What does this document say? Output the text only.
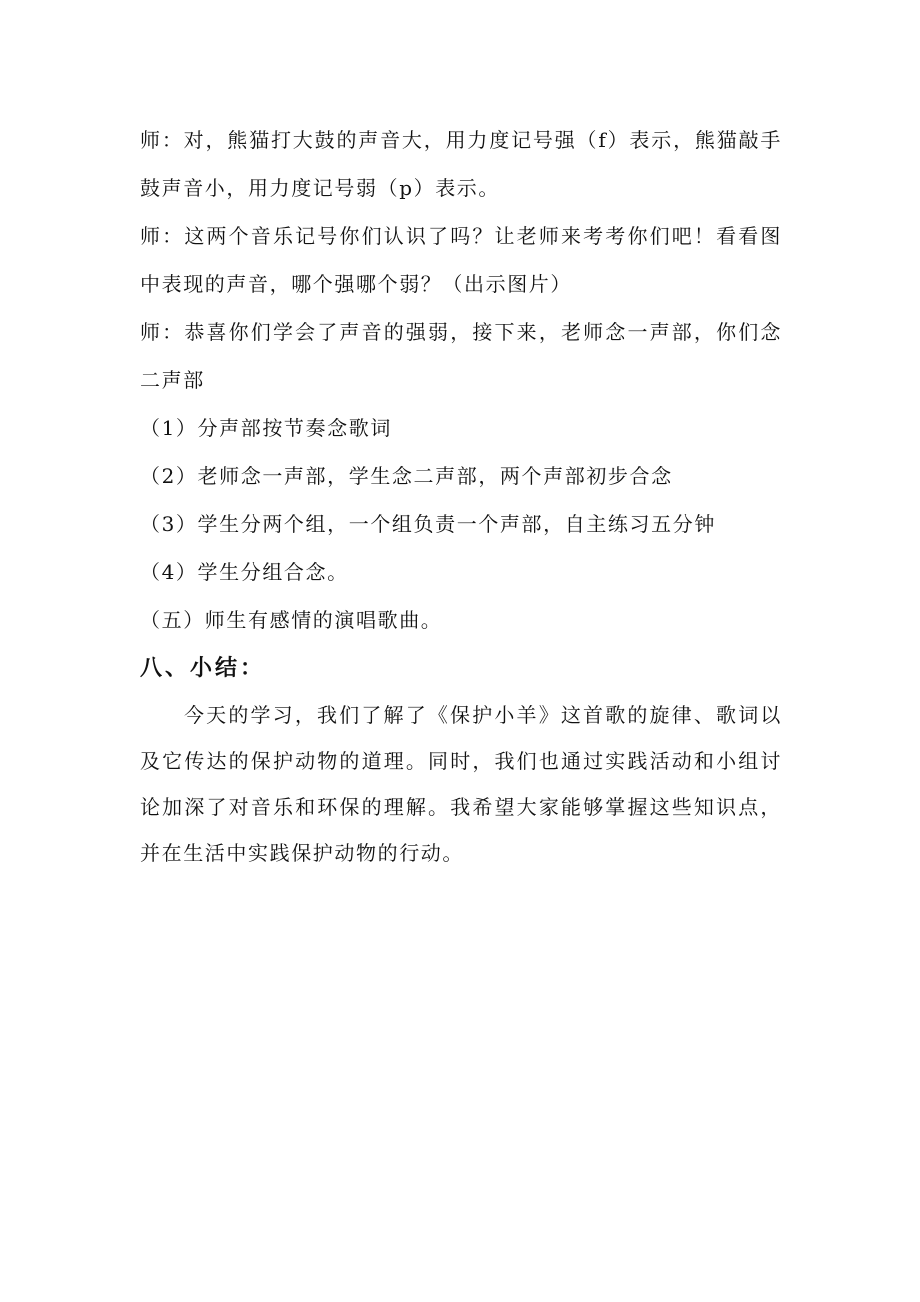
师：对，熊猫打大鼓的声音大，用力度记号强（f）表示，熊猫敲手鼓声音小，用力度记号弱（p）表示。

师：这两个音乐记号你们认识了吗？让老师来考考你们吧！看看图中表现的声音，哪个强哪个弱？（出示图片）

师：恭喜你们学会了声音的强弱，接下来，老师念一声部，你们念二声部

（1）分声部按节奏念歌词

（2）老师念一声部，学生念二声部，两个声部初步合念

（3）学生分两个组，一个组负责一个声部，自主练习五分钟

（4）学生分组合念。

（五）师生有感情的演唱歌曲。

八、小结：

今天的学习，我们了解了《保护小羊》这首歌的旋律、歌词以及它传达的保护动物的道理。同时，我们也通过实践活动和小组讨论加深了对音乐和环保的理解。我希望大家能够掌握这些知识点，并在生活中实践保护动物的行动。
